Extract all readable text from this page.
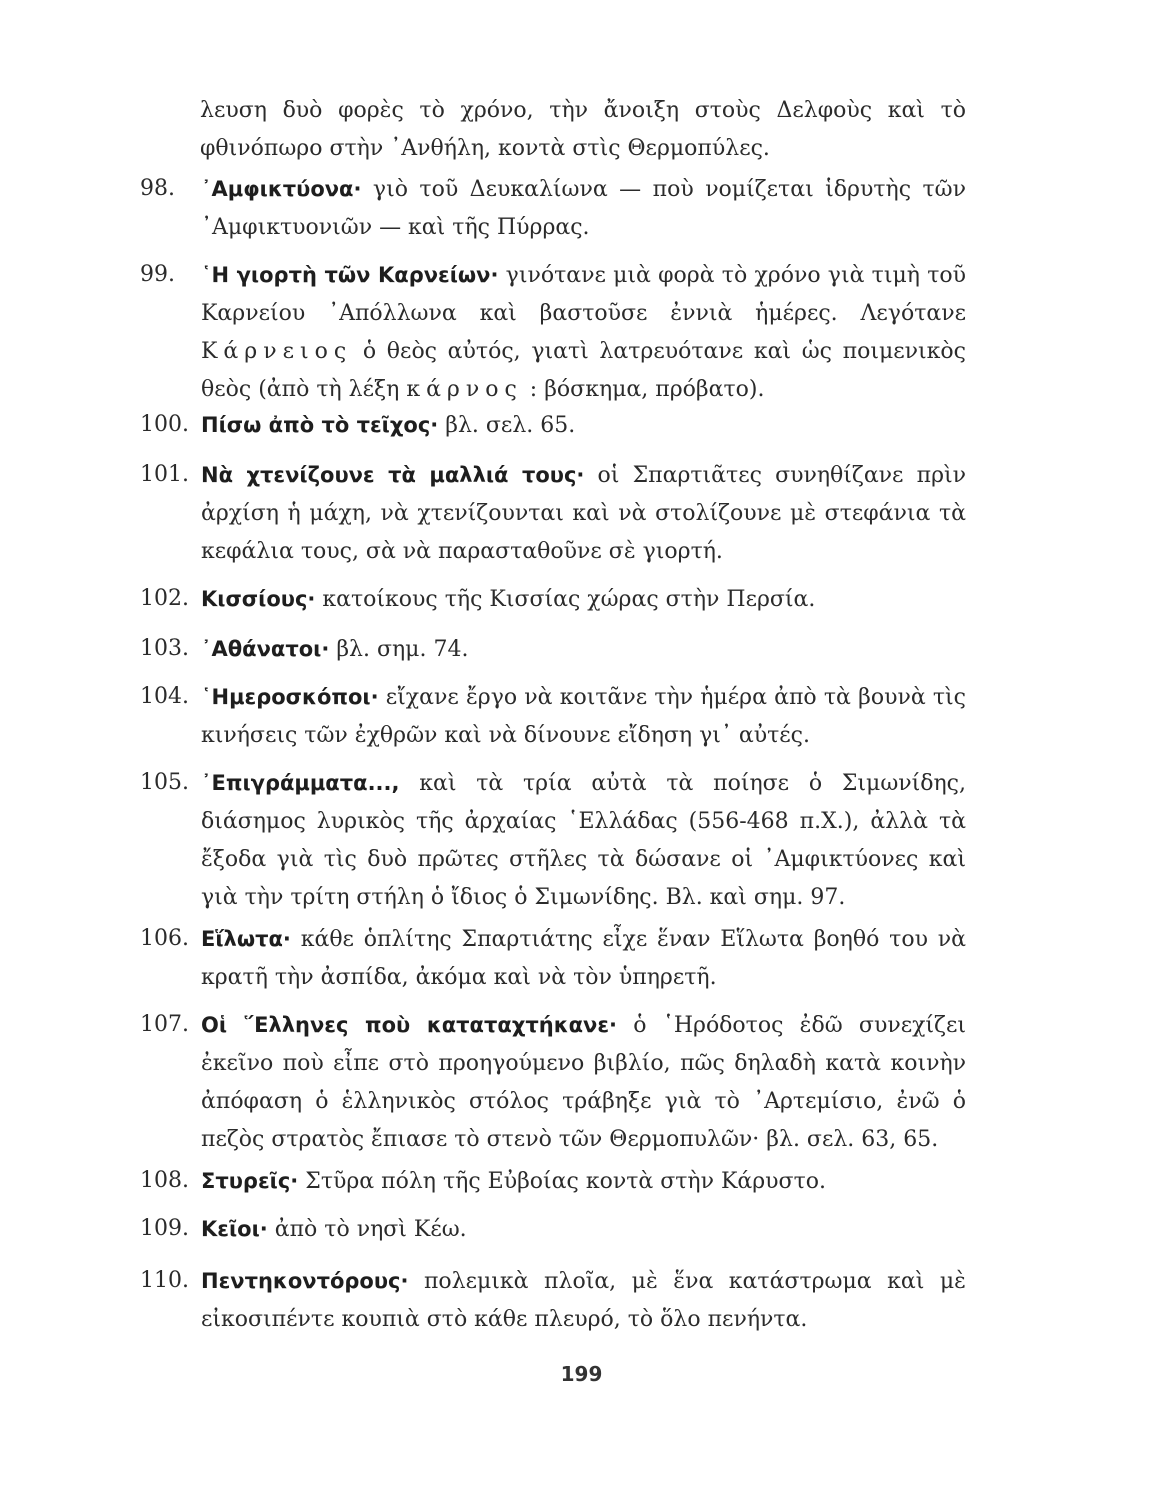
λευση δυὸ φορὲς τὸ χρόνο, τὴν ἄνοιξη στοὺς Δελφοὺς καὶ τὸ φθινόπωρο στὴν ᾿Ανθήλη, κοντὰ στὶς Θερμοπύλες.
98.	᾿Αμφικτύονα· γιὸ τοῦ Δευκαλίωνα — ποὺ νομίζεται ἱδρυτὴς τῶν ᾿Αμφικτυονιῶν — καὶ τῆς Πύρρας.
99.	῾Η γιορτὴ τῶν Καρνείων· γινότανε μιὰ φορὰ τὸ χρόνο γιὰ τιμὴ τοῦ Καρνείου ᾿Απόλλωνα καὶ βαστοῦσε ἐννιὰ ἡμέρες. Λεγότανε Κάρνειος ὁ θεὸς αὐτός, γιατὶ λατρευότανε καὶ ὡς ποιμενικὸς θεὸς (ἀπὸ τὴ λέξη κάρνος : βόσκημα, πρόβατο).
100. Πίσω ἀπὸ τὸ τεῖχος· βλ. σελ. 65.
101. Νὰ χτενίζουνε τὰ μαλλιά τους· οἱ Σπαρτιᾶτες συνηθίζανε πρὶν ἀρχίση ἡ μάχη, νὰ χτενίζουνται καὶ νὰ στολίζουνε μὲ στεφάνια τὰ κεφάλια τους, σὰ νὰ παρασταθοῦνε σὲ γιορτή.
102. Κισσίους· κατοίκους τῆς Κισσίας χώρας στὴν Περσία.
103. ᾿Αθάνατοι· βλ. σημ. 74.
104. ῾Ημεροσκόποι· εἴχανε ἔργο νὰ κοιτᾶνε τὴν ἡμέρα ἀπὸ τὰ βουνὰ τὶς κινήσεις τῶν ἐχθρῶν καὶ νὰ δίνουνε εἴδηση γι᾿ αὐτές.
105. ᾿Επιγράμματα..., καὶ τὰ τρία αὐτὰ τὰ ποίησε ὁ Σιμωνίδης, διάσημος λυρικὸς τῆς ἀρχαίας ῾Ελλάδας (556-468 π.Χ.), ἀλλὰ τὰ ἔξοδα γιὰ τὶς δυὸ πρῶτες στῆλες τὰ δώσανε οἱ ᾿Αμφικτύονες καὶ γιὰ τὴν τρίτη στήλη ὁ ἴδιος ὁ Σιμωνίδης. Βλ. καὶ σημ. 97.
106. Εἵλωτα· κάθε ὁπλίτης Σπαρτιάτης εἶχε ἕναν Εἵλωτα βοηθό του νὰ κρατῆ τὴν ἀσπίδα, ἀκόμα καὶ νὰ τὸν ὑπηρετῆ.
107. Οἱ ῞Ελληνες ποὺ καταταχτήκανε· ὁ ῾Ηρόδοτος ἐδῶ συνεχίζει ἐκεῖνο ποὺ εἶπε στὸ προηγούμενο βιβλίο, πῶς δηλαδὴ κατὰ κοινὴν ἀπόφαση ὁ ἑλληνικὸς στόλος τράβηξε γιὰ τὸ ᾿Αρτεμίσιο, ἐνῶ ὁ πεζὸς στρατὸς ἔπιασε τὸ στενὸ τῶν Θερμοπυλῶν· βλ. σελ. 63, 65.
108. Στυρεῖς· Στῦρα πόλη τῆς Εὐβοίας κοντὰ στὴν Κάρυστο.
109. Κεῖοι· ἀπὸ τὸ νησὶ Κέω.
110. Πεντηκοντόρους· πολεμικὰ πλοῖα, μὲ ἕνα κατάστρωμα καὶ μὲ εἰκοσιπέντε κουπιὰ στὸ κάθε πλευρό, τὸ ὅλο πενήντα.
199
